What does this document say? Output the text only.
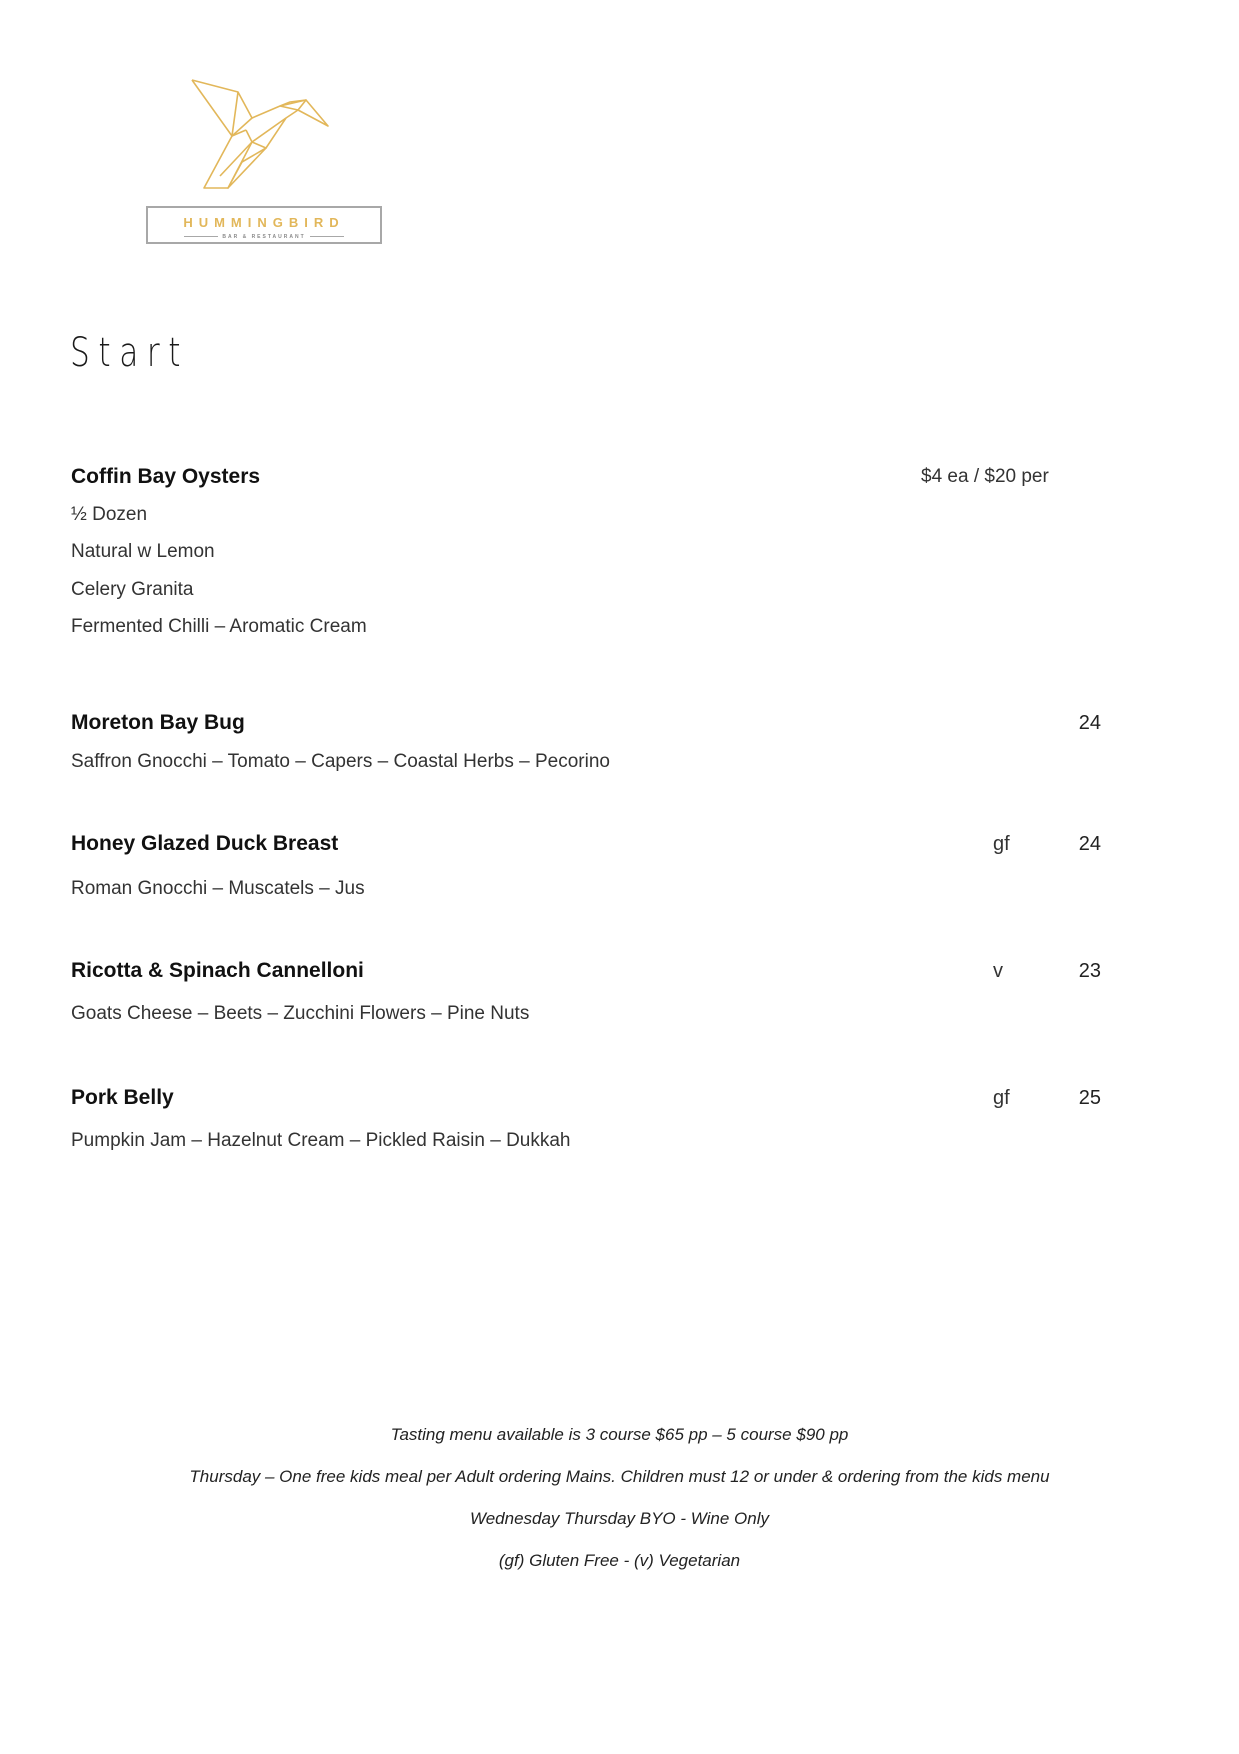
HUMMINGBIRD
BAR & RESTAURANT
Start
Coffin Bay Oysters	$4 ea / $20 per
½ Dozen
Natural w Lemon
Celery Granita
Fermented Chilli – Aromatic Cream
Moreton Bay Bug	24
Saffron Gnocchi – Tomato – Capers – Coastal Herbs – Pecorino
Honey Glazed Duck Breast	gf	24
Roman Gnocchi – Muscatels – Jus
Ricotta & Spinach Cannelloni	v	23
Goats Cheese – Beets – Zucchini Flowers – Pine Nuts
Pork Belly	gf	25
Pumpkin Jam – Hazelnut Cream – Pickled Raisin – Dukkah

Tasting menu available is 3 course $65 pp – 5 course $90 pp

Thursday – One free kids meal per Adult ordering Mains. Children must 12 or under & ordering from the kids menu

Wednesday Thursday BYO - Wine Only

(gf) Gluten Free - (v) Vegetarian
